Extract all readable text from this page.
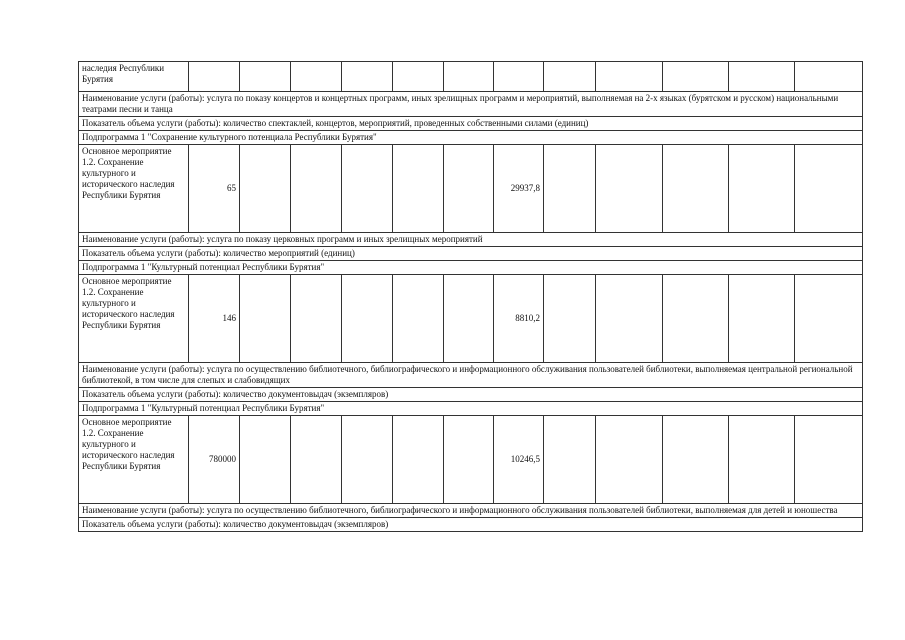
наследия Республики Бурятия												
Наименование услуги (работы): услуга по показу концертов и концертных программ, иных зрелищных программ и мероприятий, выполняемая на 2-х языках (бурятском и русском) национальными театрами песни и танца												
Показатель объема услуги (работы): количество спектаклей, концертов, мероприятий, проведенных собственными силами (единиц)												
Подпрограмма 1 "Сохранение культурного потенциала Республики Бурятия"												
Основное мероприятие 1.2. Сохранение культурного и исторического наследия Республики Бурятия	65						29937,8					
Наименование услуги (работы): услуга по показу церковных программ и иных зрелищных мероприятий												
Показатель объема услуги (работы): количество мероприятий (единиц)												
Подпрограмма 1 "Культурный потенциал Республики Бурятия"												
Основное мероприятие 1.2. Сохранение культурного и исторического наследия Республики Бурятия	146						8810,2					
Наименование услуги (работы): услуга по осуществлению библиотечного, библиографического и информационного обслуживания пользователей библиотеки, выполняемая центральной региональной библиотекой, в том числе для слепых и слабовидящих												
Показатель объема услуги (работы): количество документовыдач (экземпляров)												
Подпрограмма 1 "Культурный потенциал Республики Бурятия"												
Основное мероприятие 1.2. Сохранение культурного и исторического наследия Республики Бурятия	780000						10246,5					
Наименование услуги (работы): услуга по осуществлению библиотечного, библиографического и информационного обслуживания пользователей библиотеки, выполняемая для детей и юношества												
Показатель объема услуги (работы): количество документовыдач (экземпляров)												
